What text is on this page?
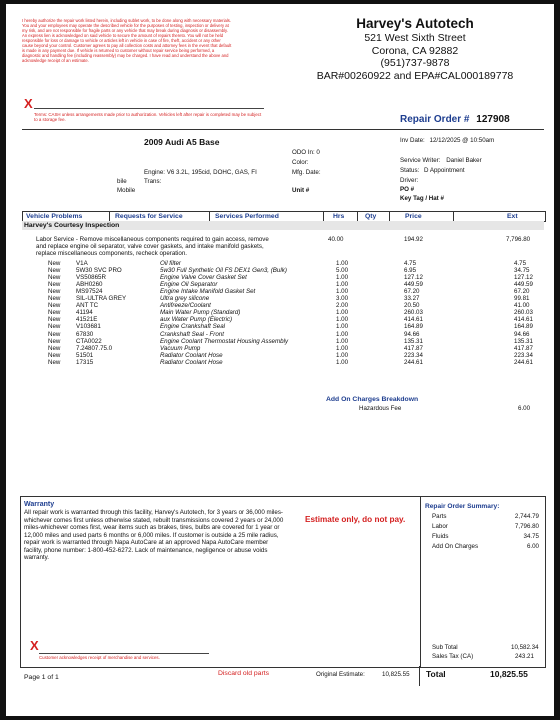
I hereby authorize the repair work listed herein, including sublet work, to be done along with necessary materials. You and your employees may operate the described vehicle for the purposes of testing, inspection or delivery at my risk, and are not responsible for fragile parts or any vehicle that may break during diagnosis or disassembly. An express lien is acknowledged on said vehicle to secure the amount of repairs thereto. You will not be held responsible for loss or damage to vehicle or articles left in vehicle in case of fire, theft, accident or any other cause beyond your control. Customer agrees to pay all collection costs and attorney fees in the event that default is made in any payment due. If vehicle is returned to customer without repair service being performed, a diagnostic and handling fee (including reassembly) may be charged. I have read and understand the above and acknowledge receipt of an estimate.
Harvey's Autotech
521 West Sixth Street
Corona, CA 92882
(951)737-9878
BAR#00260922 and EPA#CAL000189778
X
Terms: CASH unless arrangements made prior to authorization. Vehicles left after repair is completed may be subject to a storage fee.	Repair Order # 127908
2009 Audi A5 Base
ODO In: 0
Color:
Mfg. Date:
Engine: V6 3.2L, 195cid, DOHC, GAS, FI
Trans:
bile
Mobile	Unit #
Inv Date: 12/12/2025 @ 10:50am
Service Writer: Daniel Baker
Status: D Appointment
Driver:
PO #
Key Tag / Hat #
Vehicle Problems	Requests for Service	Services Performed	Hrs	Qty	Price	Ext
Harvey's Courtesy Inspection
Labor Service - Remove miscellaneous components required to gain access, remove
and replace engine oil separator, valve cover gaskets, and intake manifold gaskets,
replace miscellaneous components, recheck operation.
40.00	194.92	7,796.80
New	V1A	Oil filter	1.00	4.75	4.75
New	5W30 SVC PRO	5w30 Full Synthetic Oil FS DEX1 Gen3, (Bulk)	5.00	6.95	34.75
New	VS50865R	Engine Valve Cover Gasket Set	1.00	127.12	127.12
New	ABH0260	Engine Oil Separator	1.00	449.59	449.59
New	MS97524	Engine Intake Manifold Gasket Set	1.00	67.20	67.20
New	SIL-ULTRA GREY	Ultra grey silicone	3.00	33.27	99.81
New	ANT TC	Antifreeze/Coolant	2.00	20.50	41.00
New	41194	Main Water Pump (Standard)	1.00	260.03	260.03
New	41521E	aux Water Pump (Electric)	1.00	414.61	414.61
New	V103681	Engine Crankshaft Seal	1.00	164.89	164.89
New	67830	Crankshaft Seal - Front	1.00	94.66	94.66
New	CTA0022	Engine Coolant Thermostat Housing Assembly	1.00	135.31	135.31
New	7.24807.75.0	Vacuum Pump	1.00	417.87	417.87
New	51501	Radiator Coolant Hose	1.00	223.34	223.34
New	17315	Radiator Coolant Hose	1.00	244.61	244.61
Add On Charges Breakdown
Hazardous Fee	6.00
Warranty
All repair work is warranted through this facility, Harvey's Autotech, for 3 years or 36,000 miles-whichever comes first unless otherwise stated, rebuilt transmissions covered 2 years or 24,000 miles-whichever comes first, wear items such as brakes, tires, bulbs are covered for 1 year or 12,000 miles and used parts 6 months or 6,000 miles. If customer is outside a 25 mile radius, repair work is warranted through Napa AutoCare at an approved Napa AutoCare member facility, phone number: 1-800-452-6272. Lack of maintenance, negligence or abuse voids warranty.
Estimate only, do not pay.
Repair Order Summary:
Parts	2,744.79
Labor	7,796.80
Fluids	34.75
Add On Charges	6.00
X
Customer acknowledges receipt of merchandise and services.
Sub Total	10,582.34
Sales Tax (CA)	243.21
Page 1 of 1
Discard old parts	Original Estimate:	10,825.55 Total	10,825.55
